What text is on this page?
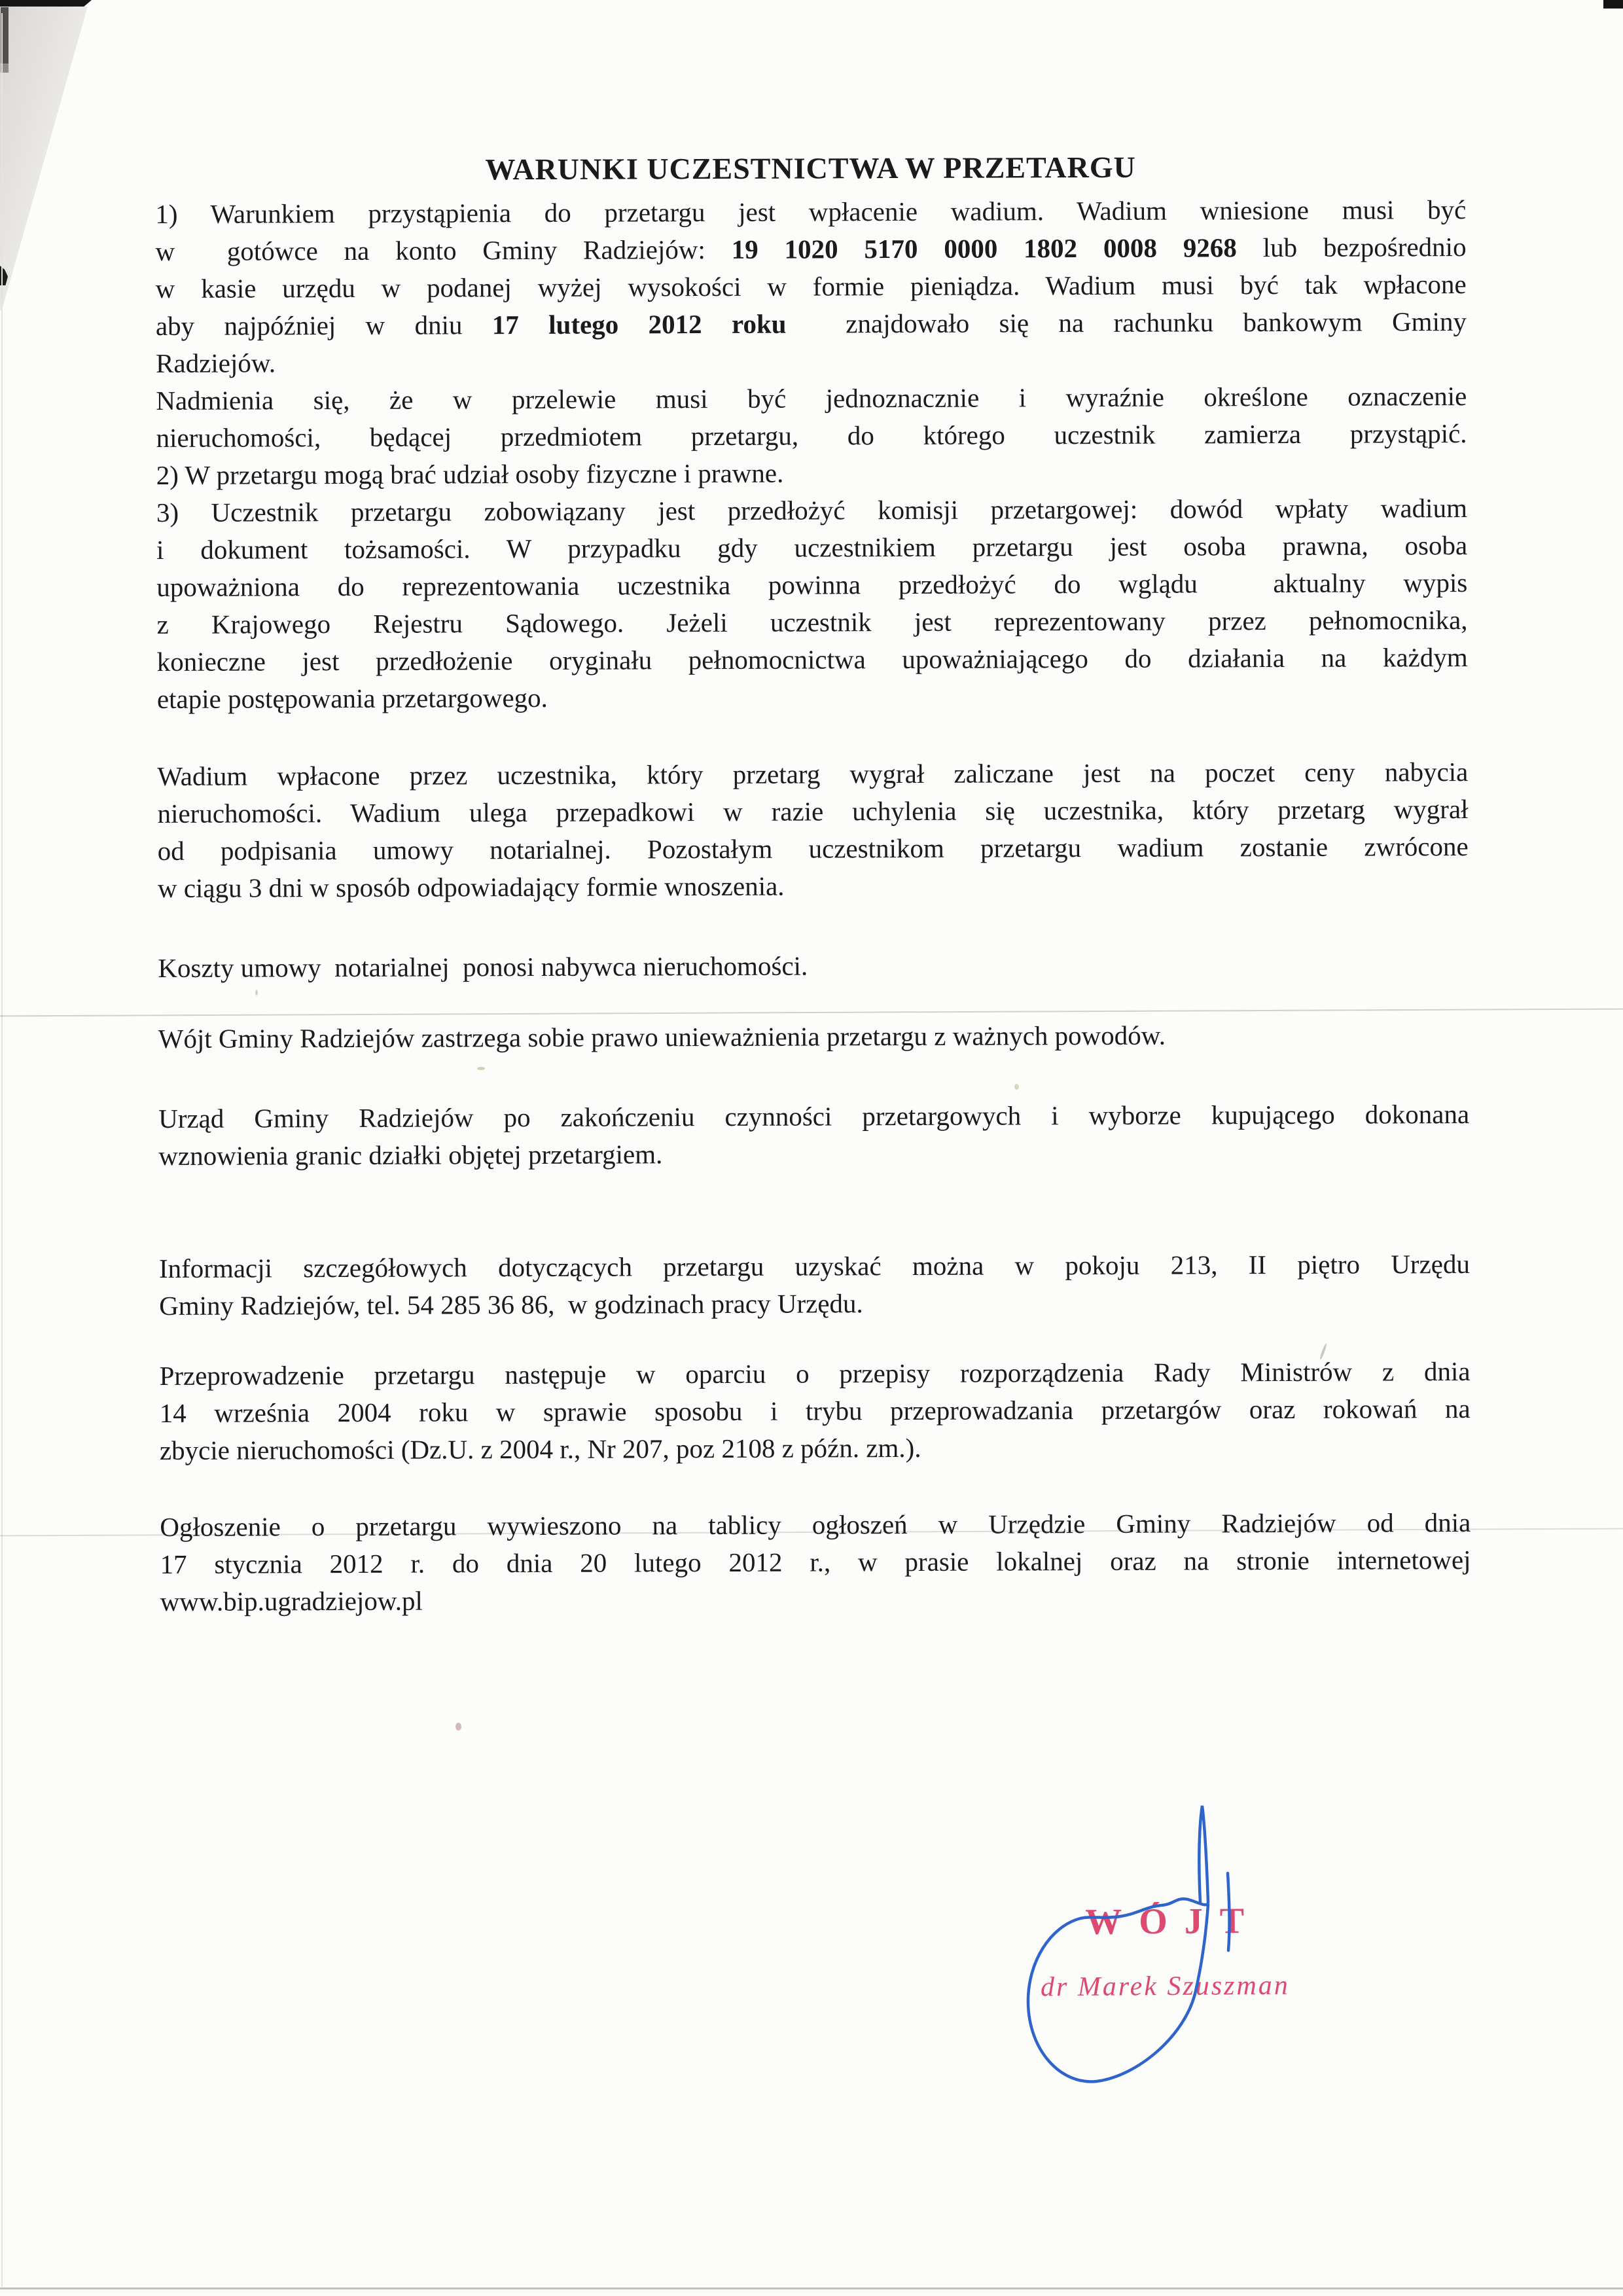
WARUNKI UCZESTNICTWA W PRZETARGU
1) Warunkiem przystąpienia do przetargu jest wpłacenie wadium. Wadium wniesione musi być
w  gotówce na konto Gminy Radziejów: 19 1020 5170 0000 1802 0008 9268 lub bezpośrednio
w kasie urzędu w podanej wyżej wysokości w formie pieniądza. Wadium musi być tak wpłacone
aby najpóźniej w dniu 17 lutego 2012 roku  znajdowało się na rachunku bankowym Gminy
Radziejów.
Nadmienia się, że w przelewie musi być jednoznacznie i wyraźnie określone oznaczenie
nieruchomości, będącej przedmiotem przetargu, do którego uczestnik zamierza przystąpić.
2) W przetargu mogą brać udział osoby fizyczne i prawne.
3) Uczestnik przetargu zobowiązany jest przedłożyć komisji przetargowej: dowód wpłaty wadium
i dokument tożsamości. W przypadku gdy uczestnikiem przetargu jest osoba prawna, osoba
upoważniona do reprezentowania uczestnika powinna przedłożyć do wglądu  aktualny wypis
z Krajowego Rejestru Sądowego. Jeżeli uczestnik jest reprezentowany przez pełnomocnika,
konieczne jest przedłożenie oryginału pełnomocnictwa upoważniającego do działania na każdym
etapie postępowania przetargowego.
Wadium wpłacone przez uczestnika, który przetarg wygrał zaliczane jest na poczet ceny nabycia
nieruchomości. Wadium ulega przepadkowi w razie uchylenia się uczestnika, który przetarg wygrał
od podpisania umowy notarialnej. Pozostałym uczestnikom przetargu wadium zostanie zwrócone
w ciągu 3 dni w sposób odpowiadający formie wnoszenia.
Koszty umowy  notarialnej  ponosi nabywca nieruchomości.
Wójt Gminy Radziejów zastrzega sobie prawo unieważnienia przetargu z ważnych powodów.
Urząd Gminy Radziejów po zakończeniu czynności przetargowych i wyborze kupującego dokonana
wznowienia granic działki objętej przetargiem.
Informacji szczegółowych dotyczących przetargu uzyskać można w pokoju 213, II piętro Urzędu
Gminy Radziejów, tel. 54 285 36 86,  w godzinach pracy Urzędu.
Przeprowadzenie przetargu następuje w oparciu o przepisy rozporządzenia Rady Ministrów z dnia
14 września 2004 roku w sprawie sposobu i trybu przeprowadzania przetargów oraz rokowań na
zbycie nieruchomości (Dz.U. z 2004 r., Nr 207, poz 2108 z późn. zm.).
Ogłoszenie o przetargu wywieszono na tablicy ogłoszeń w Urzędzie Gminy Radziejów od dnia
17 stycznia 2012 r. do dnia 20 lutego 2012 r., w prasie lokalnej oraz na stronie internetowej
www.bip.ugradziejow.pl
WÓJT
dr Marek Szuszman
